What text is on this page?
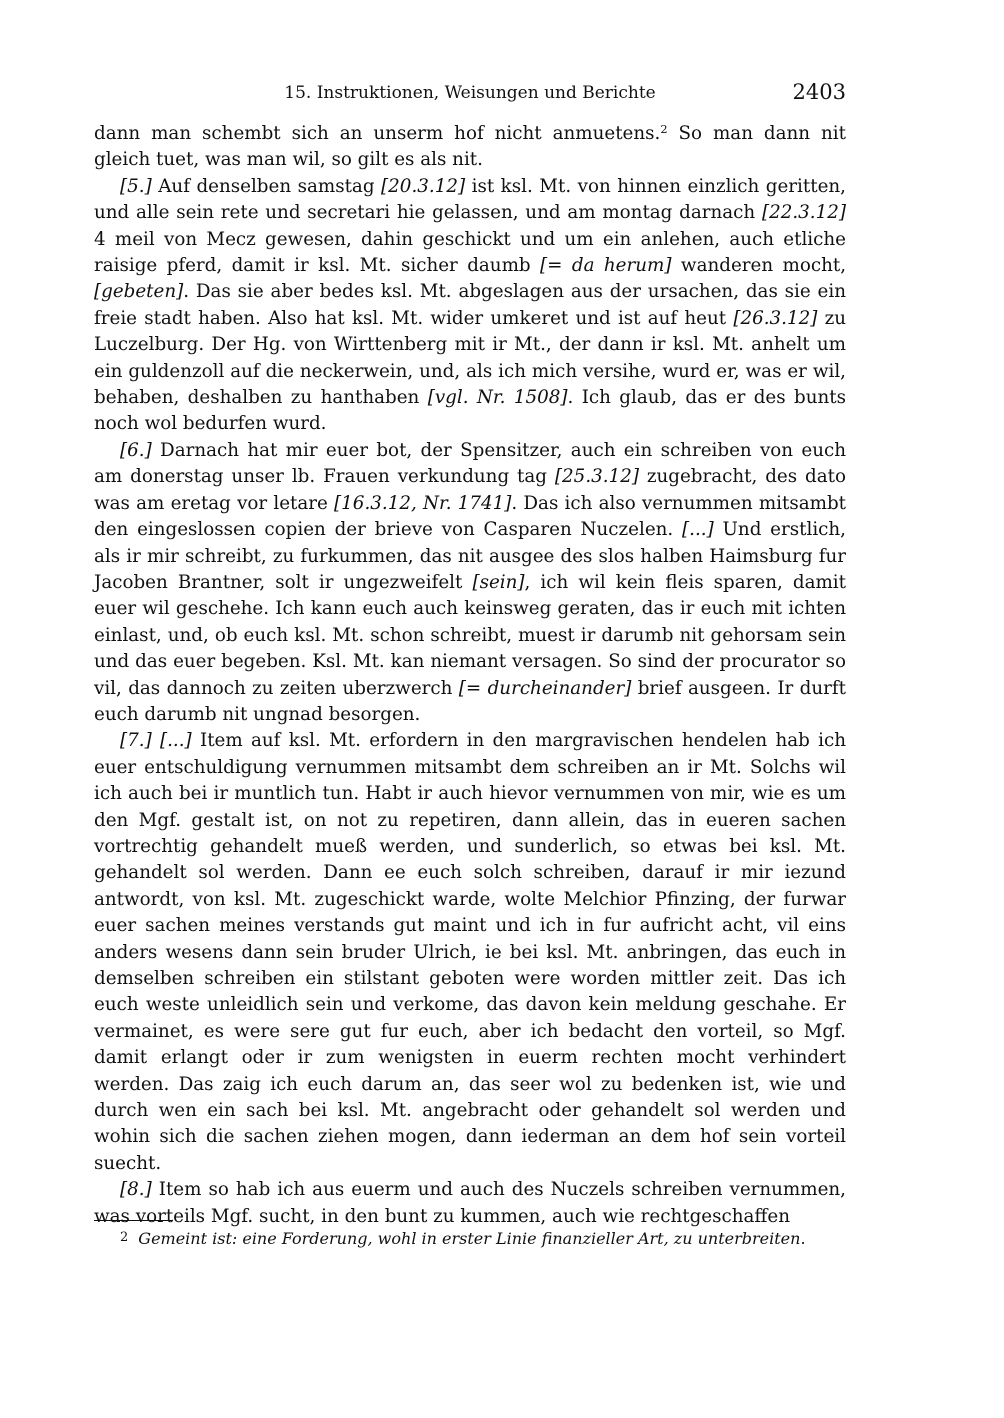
15. Instruktionen, Weisungen und Berichte	2403

dann man schembt sich an unserm hof nicht anmuetens.$^2$ So man dann nit gleich tuet, was man wil, so gilt es als nit.

[5.] Auf denselben samstag [20.3.12] ist ksl. Mt. von hinnen einzlich geritten, und alle sein rete und secretari hie gelassen, und am montag darnach [22.3.12] 4 meil von Mecz gewesen, dahin geschickt und um ein anlehen, auch etliche raisige pferd, damit ir ksl. Mt. sicher daumb [= da herum] wanderen mocht, [gebeten]. Das sie aber bedes ksl. Mt. abgeslagen aus der ursachen, das sie ein freie stadt haben. Also hat ksl. Mt. wider umkeret und ist auf heut [26.3.12] zu Luczelburg. Der Hg. von Wirttenberg mit ir Mt., der dann ir ksl. Mt. anhelt um ein guldenzoll auf die neckerwein, und, als ich mich versihe, wurd er, was er wil, behaben, deshalben zu hanthaben [vgl. Nr. 1508]. Ich glaub, das er des bunts noch wol bedurfen wurd.

[6.] Darnach hat mir euer bot, der Spensitzer, auch ein schreiben von euch am donerstag unser lb. Frauen verkundung tag [25.3.12] zugebracht, des dato was am eretag vor letare [16.3.12, Nr. 1741]. Das ich also vernummen mitsambt den eingeslossen copien der brieve von Casparen Nuczelen. [...] Und erstlich, als ir mir schreibt, zu furkummen, das nit ausgee des slos halben Haimsburg fur Jacoben Brantner, solt ir ungezweifelt [sein], ich wil kein fleis sparen, damit euer wil geschehe. Ich kann euch auch keinsweg geraten, das ir euch mit ichten einlast, und, ob euch ksl. Mt. schon schreibt, muest ir darumb nit gehorsam sein und das euer begeben. Ksl. Mt. kan niemant versagen. So sind der procurator so vil, das dannoch zu zeiten uberzwerch [= durcheinander] brief ausgeen. Ir durft euch darumb nit ungnad besorgen.

[7.] [...] Item auf ksl. Mt. erfordern in den margravischen hendelen hab ich euer entschuldigung vernummen mitsambt dem schreiben an ir Mt. Solchs wil ich auch bei ir muntlich tun. Habt ir auch hievor vernummen von mir, wie es um den Mgf. gestalt ist, on not zu repetiren, dann allein, das in eueren sachen vortrechtig gehandelt mueß werden, und sunderlich, so etwas bei ksl. Mt. gehandelt sol werden. Dann ee euch solch schreiben, darauf ir mir iezund antwordt, von ksl. Mt. zugeschickt warde, wolte Melchior Pfinzing, der furwar euer sachen meines verstands gut maint und ich in fur aufricht acht, vil eins anders wesens dann sein bruder Ulrich, ie bei ksl. Mt. anbringen, das euch in demselben schreiben ein stilstant geboten were worden mittler zeit. Das ich euch weste unleidlich sein und verkome, das davon kein meldung geschahe. Er vermainet, es were sere gut fur euch, aber ich bedacht den vorteil, so Mgf. damit erlangt oder ir zum wenigsten in euerm rechten mocht verhindert werden. Das zaig ich euch darum an, das seer wol zu bedenken ist, wie und durch wen ein sach bei ksl. Mt. angebracht oder gehandelt sol werden und wohin sich die sachen ziehen mogen, dann iederman an dem hof sein vorteil suecht.

[8.] Item so hab ich aus euerm und auch des Nuczels schreiben vernummen, was vorteils Mgf. sucht, in den bunt zu kummen, auch wie rechtgeschaffen

2 Gemeint ist: eine Forderung, wohl in erster Linie finanzieller Art, zu unterbreiten.
